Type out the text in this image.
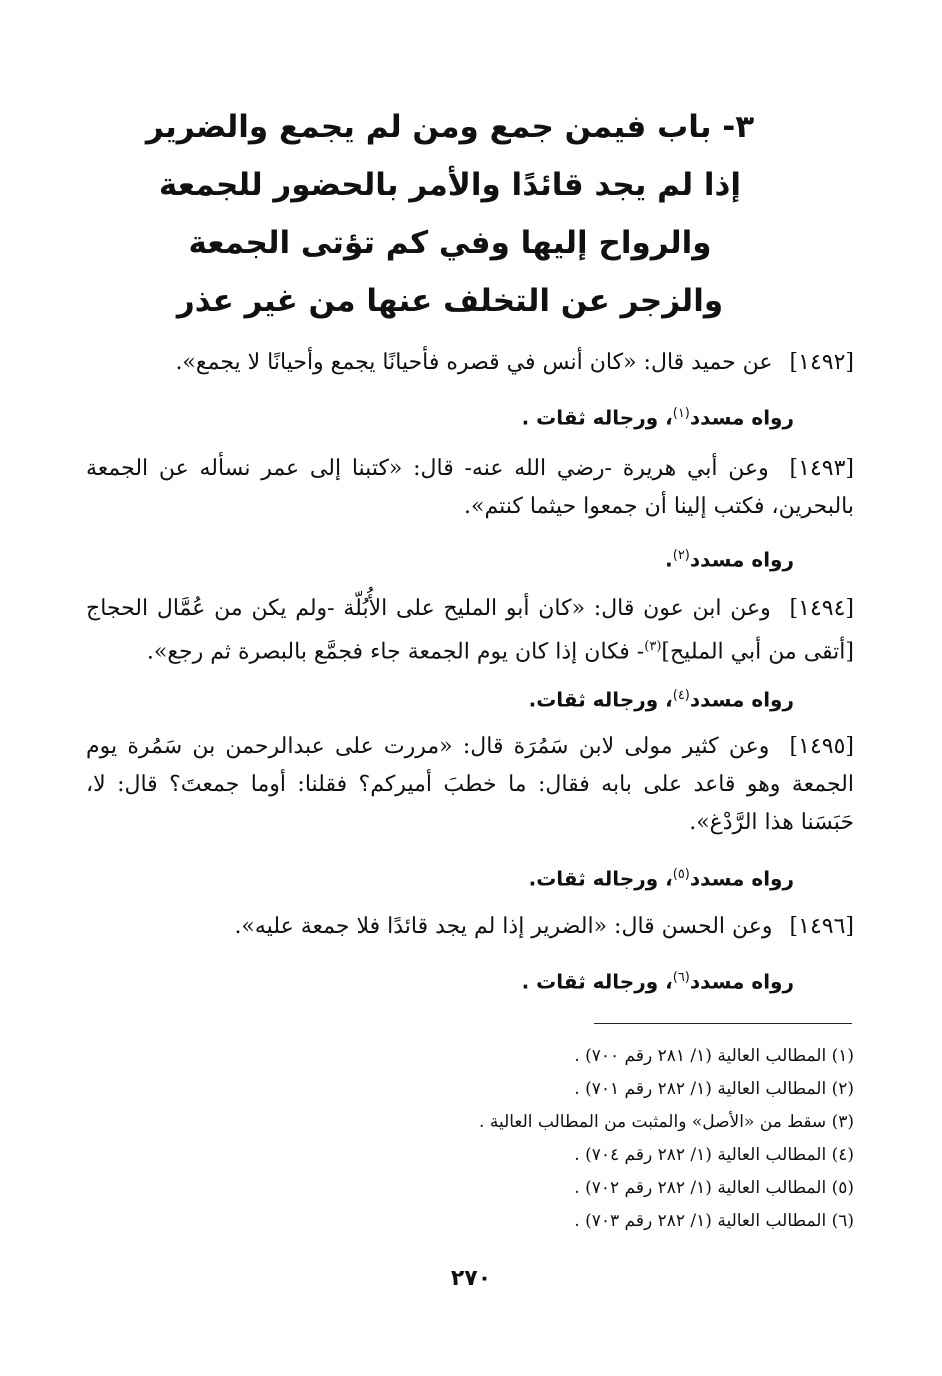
٣- باب فيمن جمع ومن لم يجمع والضرير
إذا لم يجد قائدًا والأمر بالحضور للجمعة
والرواح إليها وفي كم تؤتى الجمعة
والزجر عن التخلف عنها من غير عذر
[١٤٩٢] عن حميد قال: «كان أنس في قصره فأحيانًا يجمع وأحيانًا لا يجمع».
رواه مسدد$^{(١)}$، ورجاله ثقات .
[١٤٩٣] وعن أبي هريرة -رضي الله عنه- قال: «كتبنا إلى عمر نسأله عن الجمعة بالبحرين، فكتب إلينا أن جمعوا حيثما كنتم».
رواه مسدد$^{(٢)}$.
[١٤٩٤] وعن ابن عون قال: «كان أبو المليح على الأُبُلّة -ولم يكن من عُمَّال الحجاج [أتقى من أبي المليح]$^{(٣)}$- فكان إذا كان يوم الجمعة جاء فجمَّع بالبصرة ثم رجع».
رواه مسدد$^{(٤)}$، ورجاله ثقات.
[١٤٩٥] وعن كثير مولى لابن سَمُرَة قال: «مررت على عبدالرحمن بن سَمُرة يوم الجمعة وهو قاعد على بابه فقال: ما خطبَ أميركم؟ فقلنا: أوما جمعتَ؟ قال: لا، حَبَسَنا هذا الرَّدْغ».
رواه مسدد$^{(٥)}$، ورجاله ثقات.
[١٤٩٦] وعن الحسن قال: «الضرير إذا لم يجد قائدًا فلا جمعة عليه».
رواه مسدد$^{(٦)}$، ورجاله ثقات .
(١) المطالب العالية (١/ ٢٨١ رقم ٧٠٠) .
(٢) المطالب العالية (١/ ٢٨٢ رقم ٧٠١) .
(٣) سقط من «الأصل» والمثبت من المطالب العالية .
(٤) المطالب العالية (١/ ٢٨٢ رقم ٧٠٤) .
(٥) المطالب العالية (١/ ٢٨٢ رقم ٧٠٢) .
(٦) المطالب العالية (١/ ٢٨٢ رقم ٧٠٣) .
٢٧٠
